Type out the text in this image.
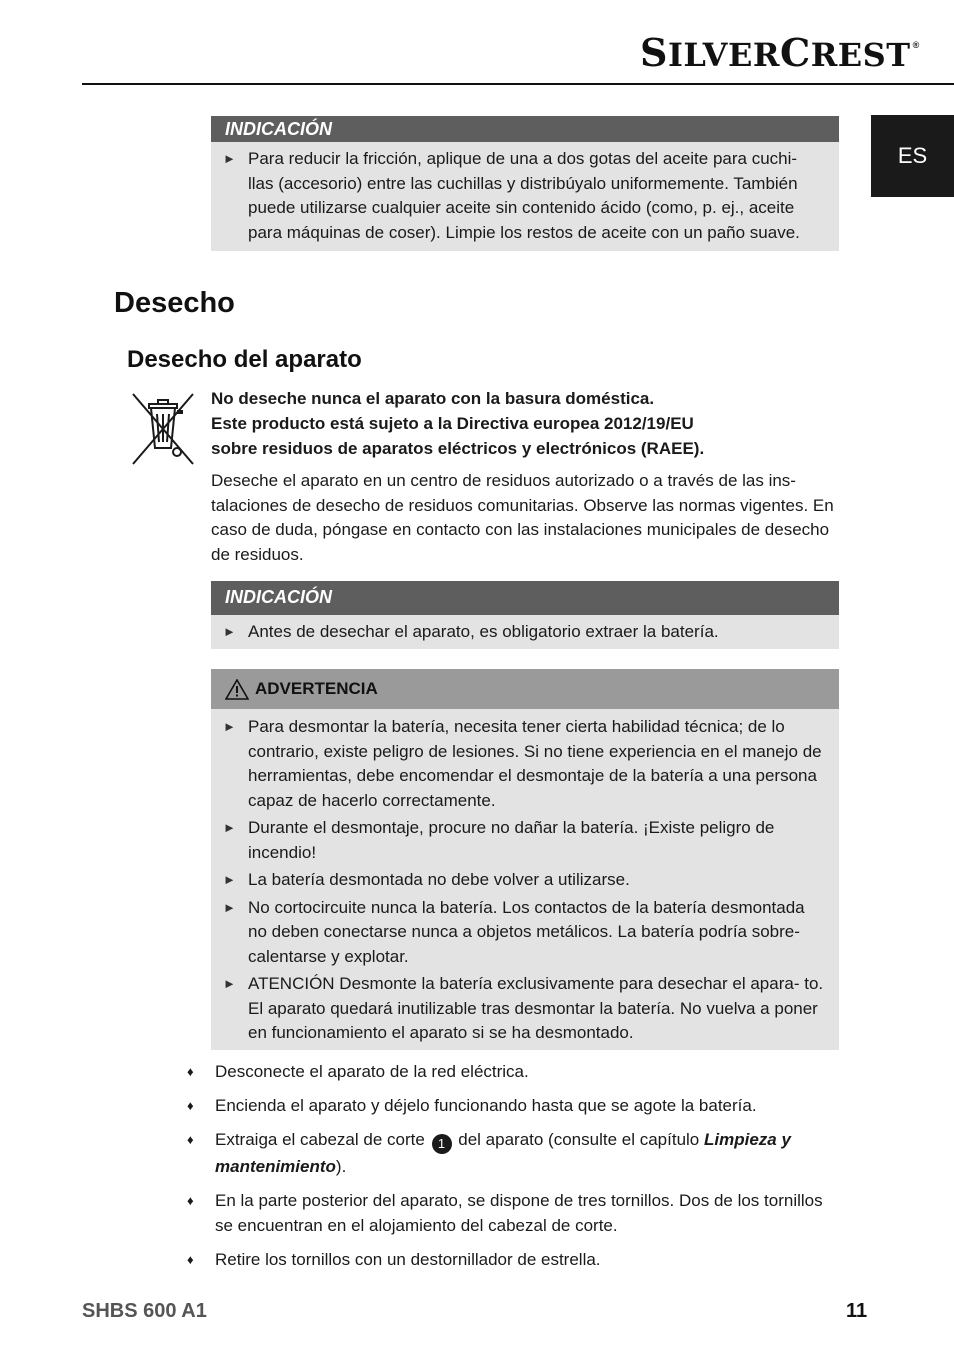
SILVERCREST ®
ES
INDICACIÓN
► Para reducir la fricción, aplique de una a dos gotas del aceite para cuchi- llas (accesorio) entre las cuchillas y distribúyalo uniformemente. También puede utilizarse cualquier aceite sin contenido ácido (como, p. ej., aceite para máquinas de coser). Limpie los restos de aceite con un paño suave.
Desecho
Desecho del aparato
No deseche nunca el aparato con la basura doméstica.
Este producto está sujeto a la Directiva europea 2012/19/EU
sobre residuos de aparatos eléctricos y electrónicos (RAEE).
Deseche el aparato en un centro de residuos autorizado o a través de las ins- talaciones de desecho de residuos comunitarias. Observe las normas vigentes. En caso de duda, póngase en contacto con las instalaciones municipales de desecho de residuos.
INDICACIÓN
► Antes de desechar el aparato, es obligatorio extraer la batería.
ADVERTENCIA
► Para desmontar la batería, necesita tener cierta habilidad técnica; de lo contrario, existe peligro de lesiones. Si no tiene experiencia en el manejo de herramientas, debe encomendar el desmontaje de la batería a una persona capaz de hacerlo correctamente.
► Durante el desmontaje, procure no dañar la batería. ¡Existe peligro de incendio!
► La batería desmontada no debe volver a utilizarse.
► No cortocircuite nunca la batería. Los contactos de la batería desmontada no deben conectarse nunca a objetos metálicos. La batería podría sobre- calentarse y explotar.
► ATENCIÓN Desmonte la batería exclusivamente para desechar el apara- to. El aparato quedará inutilizable tras desmontar la batería. No vuelva a poner en funcionamiento el aparato si se ha desmontado.
♦	Desconecte el aparato de la red eléctrica.
♦	Encienda el aparato y déjelo funcionando hasta que se agote la batería.
♦	Extraiga el cabezal de corte 1 del aparato (consulte el capítulo Limpieza y mantenimiento).
♦	En la parte posterior del aparato, se dispone de tres tornillos. Dos de los tornillos se encuentran en el alojamiento del cabezal de corte.
♦	Retire los tornillos con un destornillador de estrella.
SHBS 600 A1	11
